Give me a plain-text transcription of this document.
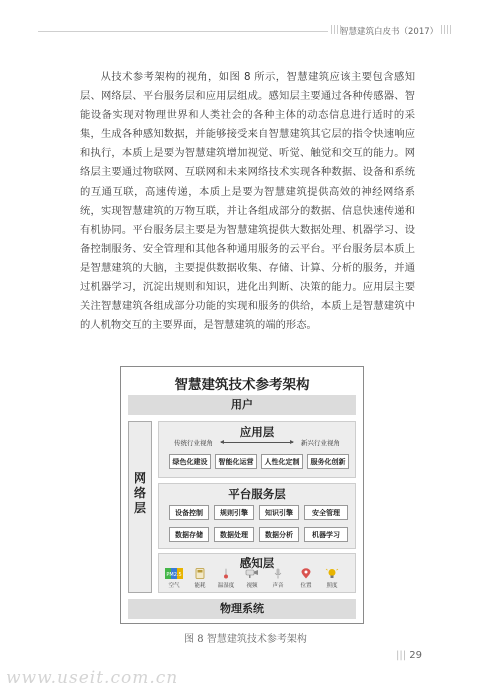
||||
智慧建筑白皮书（2017） ||||

从技术参考架构的视角，如图 8 所示，智慧建筑应该主要包含感知层、网络层、平台服务层和应用层组成。感知层主要通过各种传感器、智能设备实现对物理世界和人类社会的各种主体的动态信息进行适时的采集，生成各种感知数据，并能够接受来自智慧建筑其它层的指令快速响应和执行，本质上是要为智慧建筑增加视觉、听觉、触觉和交互的能力。网络层主要通过物联网、互联网和未来网络技术实现各种数据、设备和系统的互通互联，高速传递，本质上是要为智慧建筑提供高效的神经网络系统，实现智慧建筑的万物互联，并让各组成部分的数据、信息快速传递和有机协同。平台服务层主要是为智慧建筑提供大数据处理、机器学习、设备控制服务、安全管理和其他各种通用服务的云平台。平台服务层本质上是智慧建筑的大脑，主要提供数据收集、存储、计算、分析的服务，并通过机器学习，沉淀出规则和知识，进化出判断、决策的能力。应用层主要关注智慧建筑各组成部分功能的实现和服务的供给，本质上是智慧建筑中的人机物交互的主要界面，是智慧建筑的端的形态。

智慧建筑技术参考架构
用户
网
络
层
应用层
传统行业视角	新兴行业视角
绿色化建设	智能化运营	人性化定制	服务化创新
平台服务层
设备控制	规则引擎	知识引擎	安全管理
数据存储	数据处理	数据分析	机器学习
感知层
PM2.5
空气	能耗	温湿度	视频	声音	位置	照度
物理系统
图 8 智慧建筑技术参考架构
||| 29
www.useit.com.cn
